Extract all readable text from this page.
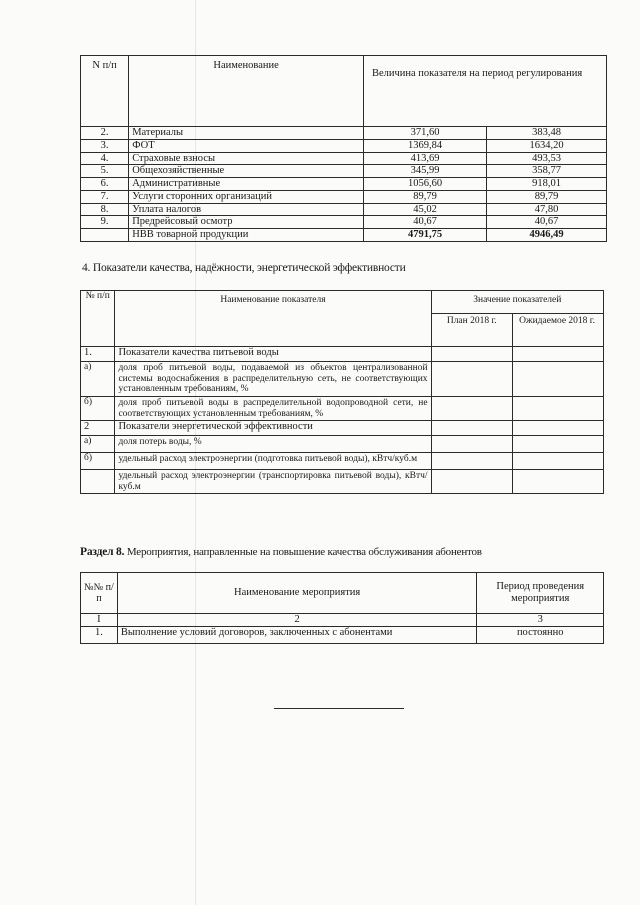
N п/п	Наименование	Величина показателя на период регулирования	
2.	Материалы	371,60	383,48
3.	ФОТ	1369,84	1634,20
4.	Страховые взносы	413,69	493,53
5.	Общехозяйственные	345,99	358,77
6.	Административные	1056,60	918,01
7.	Услуги сторонних организаций	89,79	89,79
8.	Уплата налогов	45,02	47,80
9.	Предрейсовый осмотр	40,67	40,67
	НВВ товарной продукции	4791,75	4946,49
4. Показатели качества, надёжности, энергетической эффективности
№ п/п	Наименование показателя	Значение показателей	
		План 2018 г.	Ожидаемое 2018 г.
1.	Показатели качества питьевой воды		
а)	доля проб питьевой воды, подаваемой из объектов централизованной системы водоснабжения в распределительную сеть, не соответствующих установленным требованиям, %		
б)	доля проб питьевой воды в распределительной водопроводной сети, не соответствующих установленным требованиям, %		
2	Показатели энергетической эффективности		
а)	доля потерь воды, %		
б)	удельный расход электроэнергии (подготовка питьевой воды), кВтч/куб.м		
	удельный расход электроэнергии (транспортировка питьевой воды), кВтч/куб.м		
Раздел 8. Мероприятия, направленные на повышение качества обслуживания абонентов
№№ п/п	Наименование мероприятия	Период проведения мероприятия
I	2	3
1.	Выполнение условий договоров, заключенных с абонентами	постоянно
